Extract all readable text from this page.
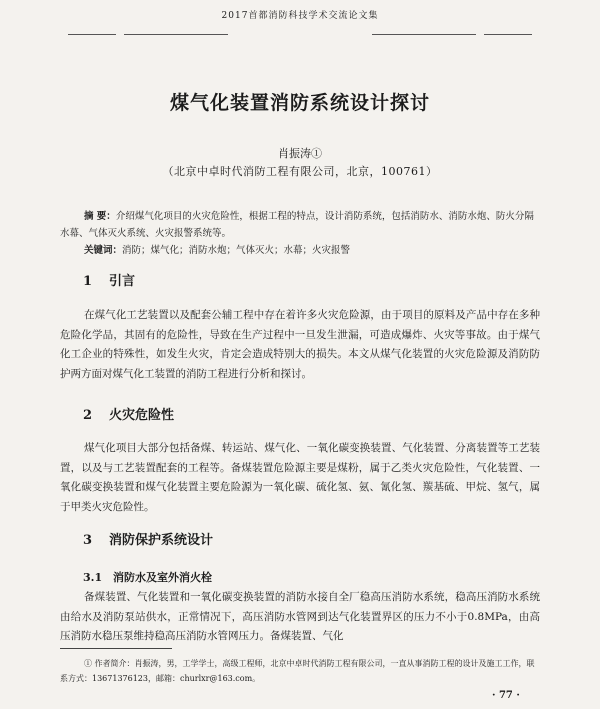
2017首都消防科技学术交流论文集
煤气化装置消防系统设计探讨
肖振涛①
（北京中卓时代消防工程有限公司，北京，100761）
摘 要：介绍煤气化项目的火灾危险性，根据工程的特点，设计消防系统，包括消防水、消防水炮、防火分隔水幕、气体灭火系统、火灾报警系统等。
关键词：消防；煤气化；消防水炮；气体灭火；水幕；火灾报警
1 引言
在煤气化工艺装置以及配套公辅工程中存在着许多火灾危险源，由于项目的原料及产品中存在多种危险化学品，其固有的危险性，导致在生产过程中一旦发生泄漏，可造成爆炸、火灾等事故。由于煤气化工企业的特殊性，如发生火灾，肯定会造成特别大的损失。本文从煤气化装置的火灾危险源及消防防护两方面对煤气化工装置的消防工程进行分析和探讨。
2 火灾危险性
煤气化项目大部分包括备煤、转运站、煤气化、一氧化碳变换装置、气化装置、分离装置等工艺装置，以及与工艺装置配套的工程等。备煤装置危险源主要是煤粉，属于乙类火灾危险性，气化装置、一氧化碳变换装置和煤气化装置主要危险源为一氧化碳、硫化氢、氨、氰化氢、羰基硫、甲烷、氢气，属于甲类火灾危险性。
3 消防保护系统设计
3.1 消防水及室外消火栓
备煤装置、气化装置和一氧化碳变换装置的消防水接自全厂稳高压消防水系统，稳高压消防水系统由给水及消防泵站供水，正常情况下，高压消防水管网到达气化装置界区的压力不小于0.8MPa，由高压消防水稳压泵维持稳高压消防水管网压力。备煤装置、气化
① 作者简介：肖振涛，男，工学学士，高级工程师，北京中卓时代消防工程有限公司，一直从事消防工程的设计及施工工作，联系方式：13671376123，邮箱：churlxr@163.com。
· 77 ·
